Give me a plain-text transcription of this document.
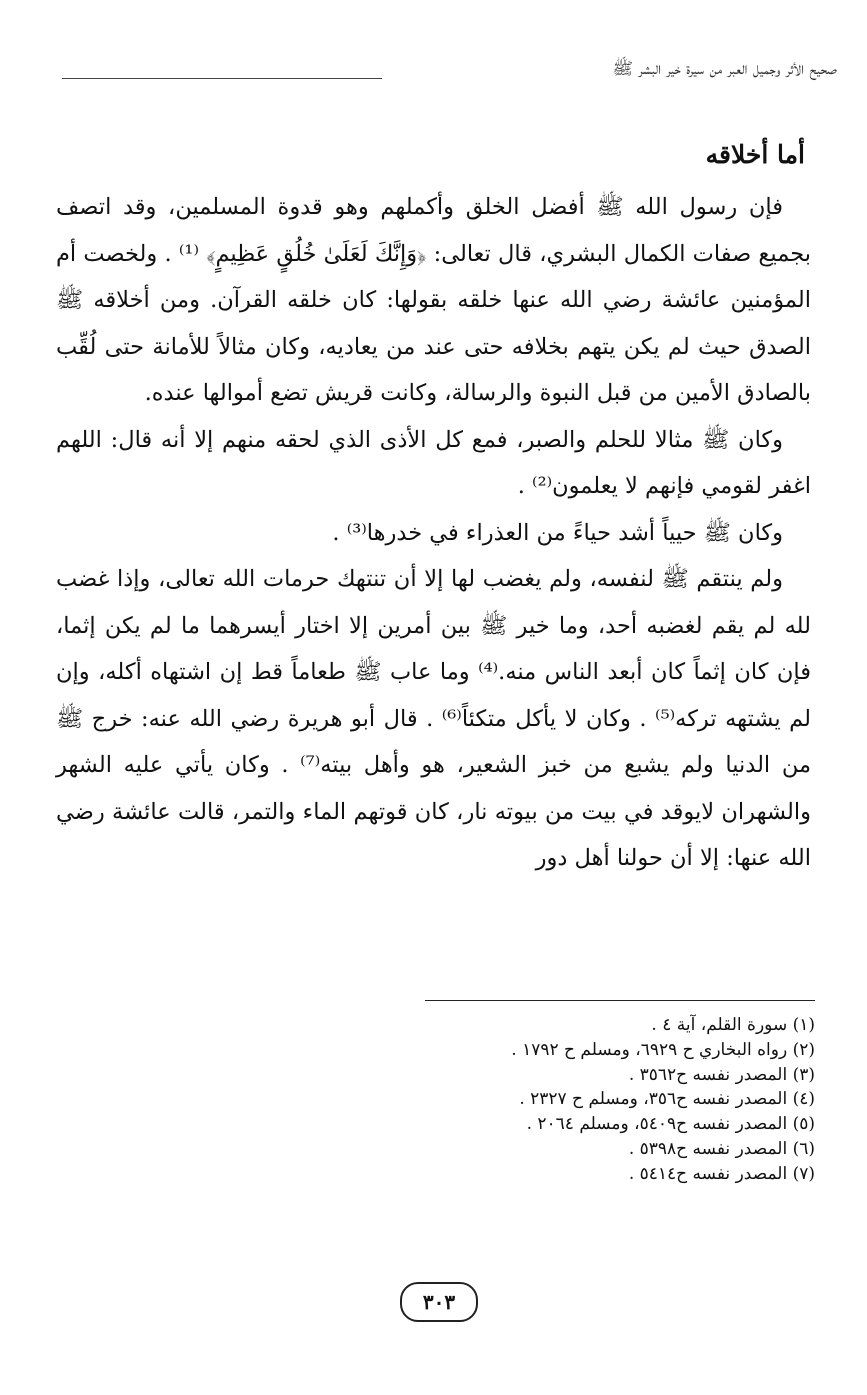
صحيح الأثر وجميل العبر من سيرة خير البشر ﷺ
أما أخلاقه

فإن رسول الله ﷺ أفضل الخلق وأكملهم وهو قدوة المسلمين، وقد اتصف بجميع صفات الكمال البشري، قال تعالى: ﴿وَإِنَّكَ لَعَلَىٰ خُلُقٍ عَظِيمٍ﴾ ⁽¹⁾ . ولخصت أم المؤمنين عائشة رضي الله عنها خلقه بقولها: كان خلقه القرآن. ومن أخلاقه ﷺ الصدق حيث لم يكن يتهم بخلافه حتى عند من يعاديه، وكان مثالاً للأمانة حتى لُقِّب بالصادق الأمين من قبل النبوة والرسالة، وكانت قريش تضع أموالها عنده.

وكان ﷺ مثالا للحلم والصبر، فمع كل الأذى الذي لحقه منهم إلا أنه قال: اللهم اغفر لقومي فإنهم لا يعلمون⁽²⁾ .

وكان ﷺ حيياً أشد حياءً من العذراء في خدرها⁽³⁾ .

ولم ينتقم ﷺ لنفسه، ولم يغضب لها إلا أن تنتهك حرمات الله تعالى، وإذا غضب لله لم يقم لغضبه أحد، وما خير ﷺ بين أمرين إلا اختار أيسرهما ما لم يكن إثما، فإن كان إثماً كان أبعد الناس منه.⁽⁴⁾ وما عاب ﷺ طعاماً قط إن اشتهاه أكله، وإن لم يشتهه تركه⁽⁵⁾ . وكان لا يأكل متكئاً⁽⁶⁾ . قال أبو هريرة رضي الله عنه: خرج ﷺ من الدنيا ولم يشبع من خبز الشعير، هو وأهل بيته⁽⁷⁾ . وكان يأتي عليه الشهر والشهران لايوقد في بيت من بيوته نار، كان قوتهم الماء والتمر، قالت عائشة رضي الله عنها: إلا أن حولنا أهل دور

(١) سورة القلم، آية ٤ .
(٢) رواه البخاري ح ٦٩٢٩، ومسلم ح ١٧٩٢ .
(٣) المصدر نفسه ح٣٥٦٢ .
(٤) المصدر نفسه ح٣٥٦، ومسلم ح ٢٣٢٧ .
(٥) المصدر نفسه ح٥٤٠٩، ومسلم ٢٠٦٤ .
(٦) المصدر نفسه ح٥٣٩٨ .
(٧) المصدر نفسه ح٥٤١٤ .
٣٠٣
